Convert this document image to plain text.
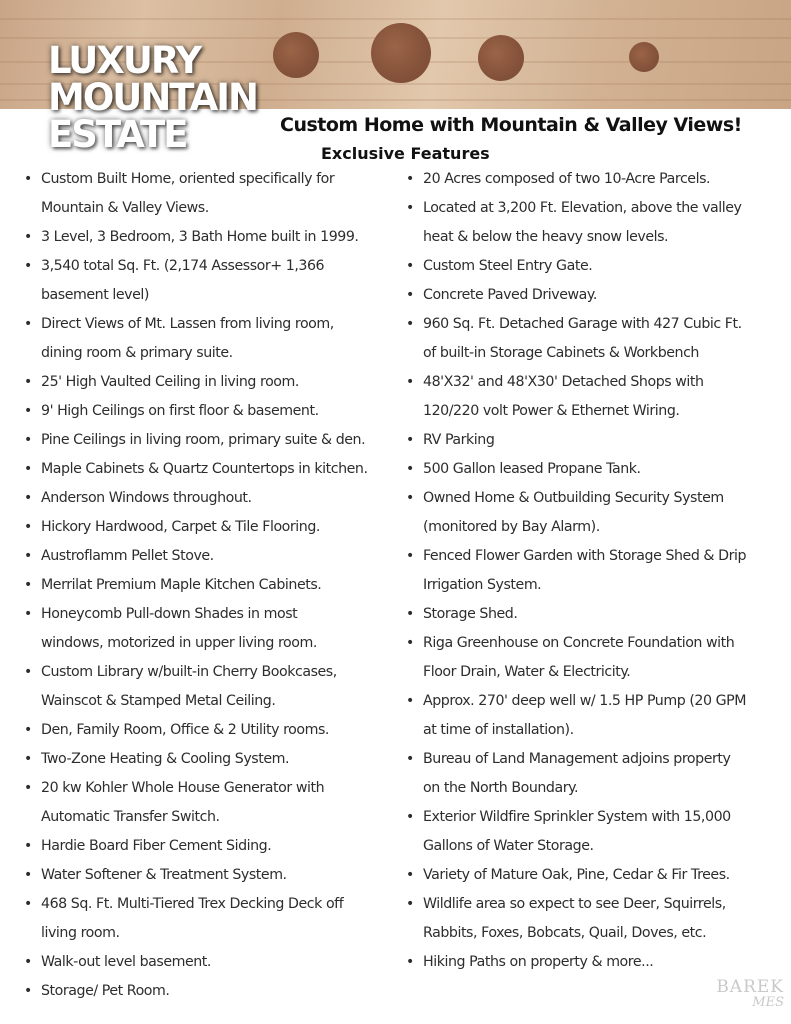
LUXURY
MOUNTAIN
ESTATE	Custom Home with Mountain & Valley Views!
Exclusive Features
• Custom Built Home, oriented specifically for
Mountain & Valley Views.
• 3 Level, 3 Bedroom, 3 Bath Home built in 1999.
• 3,540 total Sq. Ft. (2,174 Assessor+ 1,366
basement level)
• Direct Views of Mt. Lassen from living room,
dining room & primary suite.
• 25' High Vaulted Ceiling in living room.
• 9' High Ceilings on first floor & basement.
• Pine Ceilings in living room, primary suite & den.
• Maple Cabinets & Quartz Countertops in kitchen.
• Anderson Windows throughout.
• Hickory Hardwood, Carpet & Tile Flooring.
• Austroflamm Pellet Stove.
• Merrilat Premium Maple Kitchen Cabinets.
• Honeycomb Pull-down Shades in most
windows, motorized in upper living room.
• Custom Library w/built-in Cherry Bookcases,
Wainscot & Stamped Metal Ceiling.
• Den, Family Room, Office & 2 Utility rooms.
• Two-Zone Heating & Cooling System.
• 20 kw Kohler Whole House Generator with
Automatic Transfer Switch.
• Hardie Board Fiber Cement Siding.
• Water Softener & Treatment System.
• 468 Sq. Ft. Multi-Tiered Trex Decking Deck off
living room.
• Walk-out level basement.
• Storage/ Pet Room.
• 20 Acres composed of two 10-Acre Parcels.
• Located at 3,200 Ft. Elevation, above the valley
heat & below the heavy snow levels.
• Custom Steel Entry Gate.
• Concrete Paved Driveway.
• 960 Sq. Ft. Detached Garage with 427 Cubic Ft.
of built-in Storage Cabinets & Workbench
• 48'X32' and 48'X30' Detached Shops with
120/220 volt Power & Ethernet Wiring.
• RV Parking
• 500 Gallon leased Propane Tank.
• Owned Home & Outbuilding Security System
(monitored by Bay Alarm).
• Fenced Flower Garden with Storage Shed & Drip
Irrigation System.
• Storage Shed.
• Riga Greenhouse on Concrete Foundation with
Floor Drain, Water & Electricity.
• Approx. 270' deep well w/ 1.5 HP Pump (20 GPM
at time of installation).
• Bureau of Land Management adjoins property
on the North Boundary.
• Exterior Wildfire Sprinkler System with 15,000
Gallons of Water Storage.
• Variety of Mature Oak, Pine, Cedar & Fir Trees.
• Wildlife area so expect to see Deer, Squirrels,
Rabbits, Foxes, Bobcats, Quail, Doves, etc.
• Hiking Paths on property & more...
BAREK
MES
